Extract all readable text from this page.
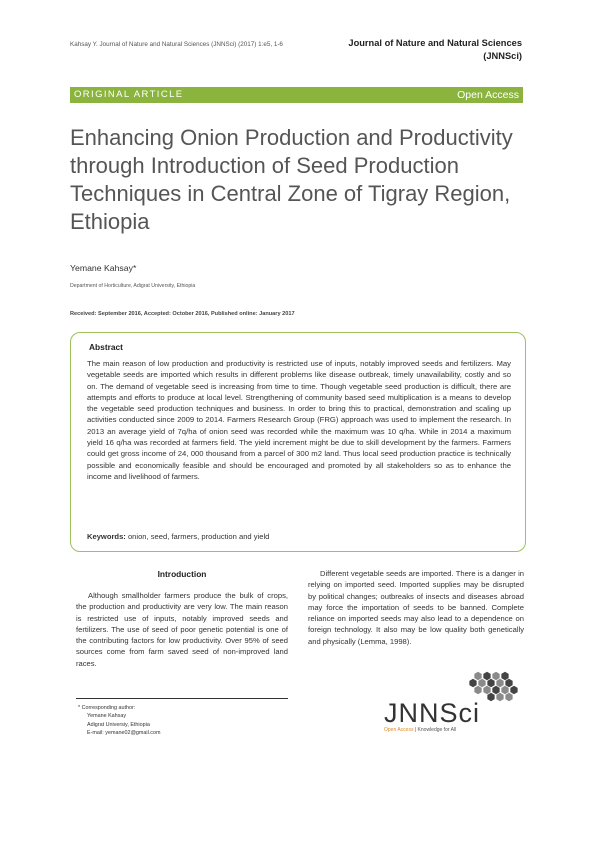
Kahsay Y. Journal of Nature and Natural Sciences (JNNSci) (2017) 1:e5, 1-6	Journal of Nature and Natural Sciences
(JNNSci)
ORIGINAL ARTICLE	Open Access
Enhancing Onion Production and Productivity through Introduction of Seed Production Techniques in Central Zone of Tigray Region, Ethiopia
Yemane Kahsay*
Department of Horticulture, Adigrat University, Ethiopia
Received: September 2016, Accepted: October 2016, Published online: January 2017
Abstract

The main reason of low production and productivity is restricted use of inputs, notably improved seeds and fertilizers. May vegetable seeds are imported which results in different problems like disease outbreak, timely unavailability, costly and so on. The demand of vegetable seed is increasing from time to time. Though vegetable seed production is difficult, there are attempts and efforts to produce at local level. Strengthening of community based seed multiplication is a means to develop the vegetable seed production techniques and business. In order to bring this to practical, demonstration and scaling up activities conducted since 2009 to 2014. Farmers Research Group (FRG) approach was used to implement the research. In 2013 an average yield of 7q/ha of onion seed was recorded while the maximum was 10 q/ha. While in 2014 a maximum yield 16 q/ha was recorded at farmers field. The yield increment might be due to skill development by the farmers. Farmers could get gross income of 24, 000 thousand from a parcel of 300 m2 land. Thus local seed production practice is technically possible and economically feasible and should be encouraged and promoted by all stakeholders so as to enhance the income and livelihood of farmers.

Keywords: onion, seed, farmers, production and yield
Introduction

Although smallholder farmers produce the bulk of crops, the production and productivity are very low. The main reason is restricted use of inputs, notably improved seeds and fertilizers. The use of seed of poor genetic potential is one of the contributing factors for low productivity. Over 95% of seed sources come from farm saved seed of non-improved land races.

Different vegetable seeds are imported. There is a danger in relying on imported seed. Imported supplies may be disrupted by political changes; outbreaks of insects and diseases abroad may force the importation of seeds to be banned. Complete reliance on imported seeds may also lead to a dependence on foreign technology. It also may be low quality both genetically and physically (Lemma, 1998).

* Corresponding author:
Yemane Kahsay
Adigrat Universiy, Ethiopia
E-mail: yemane02@gmail.com
JNNSci
Open Access | Knowledge for All
